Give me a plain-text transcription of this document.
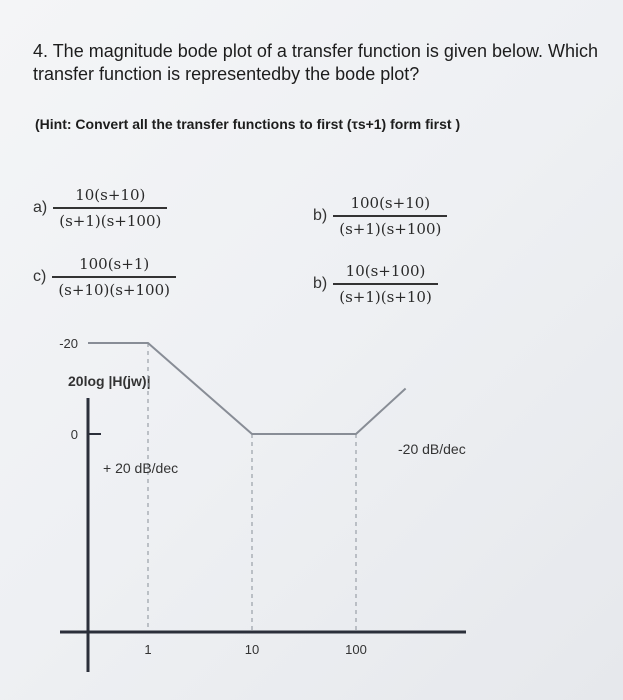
4. The magnitude bode plot of a transfer function is given below. Which transfer function is representedby the bode plot?
(Hint: Convert all the transfer functions to first (τs+1) form first )
$a) \frac{10(s+10)}{(s+1)(s+100)}$	$b) \frac{100(s+10)}{(s+1)(s+100)}$
$c) \frac{100(s+1)}{(s+10)(s+100)}$	$b) \frac{10(s+100)}{(s+1)(s+10)}$
20log |H(jw)|
0
-20
1	10	100
+ 20 dB/dec
-20 dB/dec
